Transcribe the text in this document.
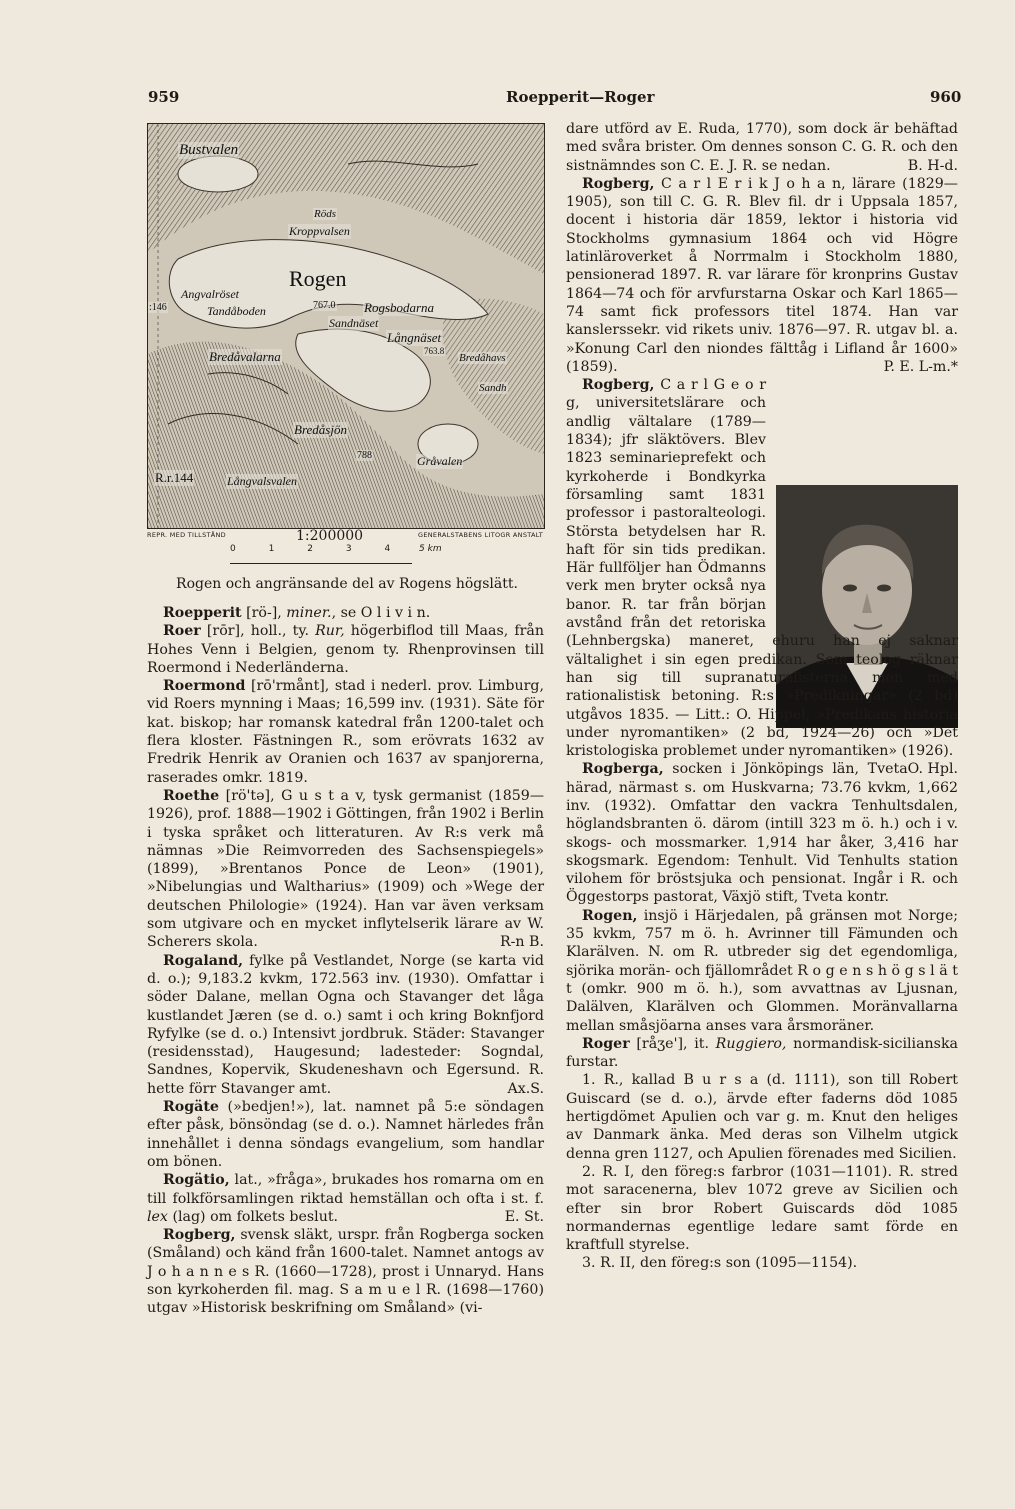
959	Roepperit—Roger	960
Bustvalen
Röds
Kroppvalsen
Rogen
Angvalröset
:146	Tandåboden	767.0 Rogsbodarna
Sandnäset
Långnäset
763.8
Bredåhavs
Bredåvalarna
Sandh
Bredåsjön
788	Gråvalen
Långvalsvalen
R.r.144
REPR. MED TILLSTÅND	GENERALSTABENS LITOGR ANSTALT
1:200000
0	1	2	3	4	5 km
Rogen och angränsande del av Rogens högslätt.

Roepperit [rö-], miner., se O l i v i n.

Roer [rōr], holl., ty. Rur, högerbiflod till Maas, från Hohes Venn i Belgien, genom ty. Rhenprovinsen till Roermond i Nederländerna.

Roermond [rō'rmånt], stad i nederl. prov. Limburg, vid Roers mynning i Maas; 16,599 inv. (1931). Säte för kat. biskop; har romansk katedral från 1200-talet och flera kloster. Fästningen R., som erövrats 1632 av Fredrik Henrik av Oranien och 1637 av spanjorerna, raserades omkr. 1819.

Roethe [rö'tə], G u s t a v, tysk germanist (1859—1926), prof. 1888—1902 i Göttingen, från 1902 i Berlin i tyska språket och litteraturen. Av R:s verk må nämnas »Die Reimvorreden des Sachsenspiegels» (1899), »Brentanos Ponce de Leon» (1901), »Nibelungias und Waltharius» (1909) och »Wege der deutschen Philologie» (1924). Han var även verksam som utgivare och en mycket inflytelserik lärare av W. Scherers skola.	R-n B.

Rogaland, fylke på Vestlandet, Norge (se karta vid d. o.); 9,183.2 kvkm, 172.563 inv. (1930). Omfattar i söder Dalane, mellan Ogna och Stavanger det låga kustlandet Jæren (se d. o.) samt i och kring Boknfjord Ryfylke (se d. o.) Intensivt jordbruk. Städer: Stavanger (residensstad), Haugesund; ladesteder: Sogndal, Sandnes, Kopervik, Skudeneshavn och Egersund. R. hette förr Stavanger amt.	Ax.S.

Rogäte (»bedjen!»), lat. namnet på 5:e söndagen efter påsk, bönsöndag (se d. o.). Namnet härledes från innehållet i denna söndags evangelium, som handlar om bönen.

Rogätio, lat., »fråga», brukades hos romarna om en till folkförsamlingen riktad hemställan och ofta i st. f. lex (lag) om folkets beslut.	E. St.

Rogberg, svensk släkt, urspr. från Rogberga socken (Småland) och känd från 1600-talet. Namnet antogs av J o h a n n e s R. (1660—1728), prost i Unnaryd. Hans son kyrkoherden fil. mag. S a m u e l R. (1698—1760) utgav »Historisk beskrifning om Småland» (vi-

dare utförd av E. Ruda, 1770), som dock är behäftad med svåra brister. Om dennes sonson C. G. R. och den sistnämndes son C. E. J. R. se nedan.	B. H-d.

Rogberg, C a r l E r i k J o h a n, lärare (1829—1905), son till C. G. R. Blev fil. dr i Uppsala 1857, docent i historia där 1859, lektor i historia vid Stockholms gymnasium 1864 och vid Högre latinläroverket å Norrmalm i Stockholm 1880, pensionerad 1897. R. var lärare för kronprins Gustav 1864—74 och för arvfurstarna Oskar och Karl 1865—74 samt fick professors titel 1874. Han var kanslerssekr. vid rikets univ. 1876—97. R. utgav bl. a. »Konung Carl den niondes fälttåg i Lifland år 1600» (1859).	P. E. L-m.*

Rogberg, C a r l G e o r g, universitetslärare och andlig vältalare (1789—1834); jfr släktövers. Blev 1823 seminarieprefekt och kyrkoherde i Bondkyrka församling samt 1831 professor i pastoralteologi. Största betydelsen har R. haft för sin tids predikan. Här fullföljer han Ödmanns verk men bryter också nya banor. R. tar från början avstånd från det retoriska (Lehnbergska) maneret, ehuru han ej saknar vältalighet i sin egen predikan. Som teolog räknar han sig till supranaturalisterna men med rationalistisk betoning. R:s »Predikningar» (2 bd) utgåvos 1835. — Litt.: O. Hippel, »Predikans historia under nyromantiken» (2 bd, 1924—26) och »Det kristologiska problemet under nyromantiken» (1926).
O. Hpl.

Rogberga, socken i Jönköpings län, Tveta härad, närmast s. om Huskvarna; 73.76 kvkm, 1,662 inv. (1932). Omfattar den vackra Tenhultsdalen, höglandsbranten ö. därom (intill 323 m ö. h.) och i v. skogs- och mossmarker. 1,914 har åker, 3,416 har skogsmark. Egendom: Tenhult. Vid Tenhults station vilohem för bröstsjuka och pensionat. Ingår i R. och Öggestorps pastorat, Växjö stift, Tveta kontr.

Rogen, insjö i Härjedalen, på gränsen mot Norge; 35 kvkm, 757 m ö. h. Avrinner till Fämunden och Klarälven. N. om R. utbreder sig det egendomliga, sjörika morän- och fjällområdet R o g e n s h ö g s l ä t t (omkr. 900 m ö. h.), som avvattnas av Ljusnan, Dalälven, Klarälven och Glommen. Moränvallarna mellan småsjöarna anses vara årsmoräner.

Roger [råʒe'], it. Ruggiero, normandisk-sicilianska furstar.

1. R., kallad B u r s a (d. 1111), son till Robert Guiscard (se d. o.), ärvde efter faderns död 1085 hertigdömet Apulien och var g. m. Knut den heliges av Danmark änka. Med deras son Vilhelm utgick denna gren 1127, och Apulien förenades med Sicilien.

2. R. I, den föreg:s farbror (1031—1101). R. stred mot saracenerna, blev 1072 greve av Sicilien och efter sin bror Robert Guiscards död 1085 normandernas egentlige ledare samt förde en kraftfull styrelse.

3. R. II, den föreg:s son (1095—1154).
